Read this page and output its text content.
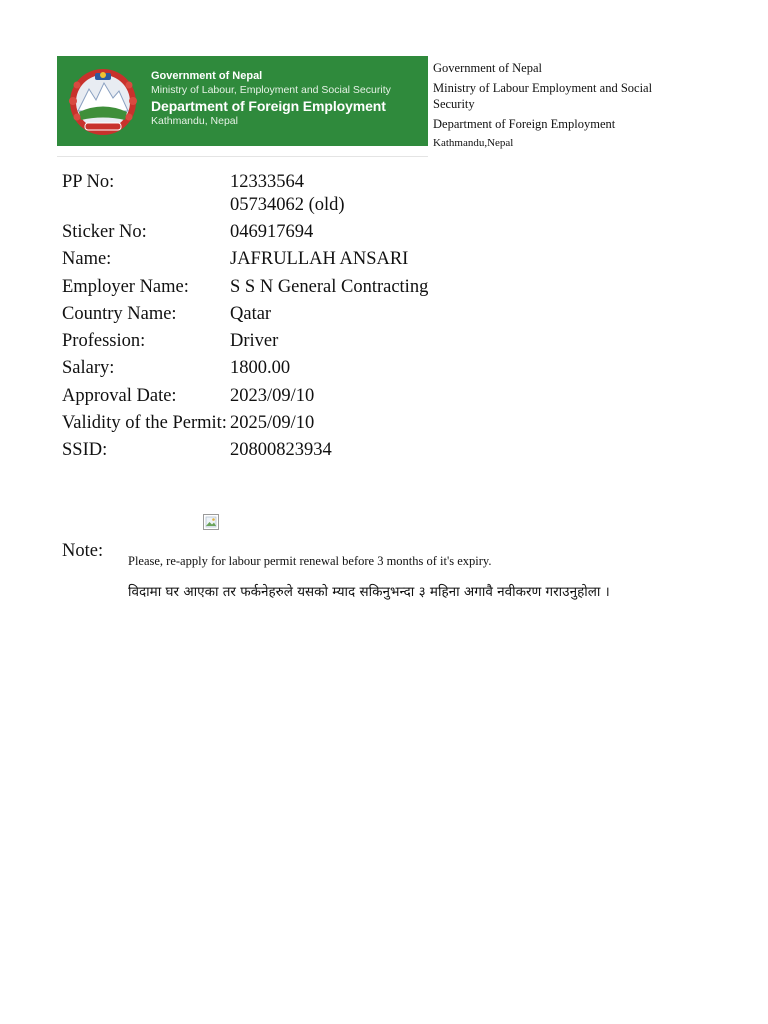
Government of Nepal
Ministry of Labour, Employment and Social Security
Department of Foreign Employment
Kathmandu, Nepal
Government of Nepal
Ministry of Labour Employment and Social Security
Department of Foreign Employment
Kathmandu,Nepal
PP No:	12333564
05734062 (old)
Sticker No:	046917694
Name:	JAFRULLAH ANSARI
Employer Name:	S S N General Contracting
Country Name:	Qatar
Profession:	Driver
Salary:	1800.00
Approval Date:	2023/09/10
Validity of the Permit: 2025/09/10
SSID:	20800823934
Note: Please, re-apply for labour permit renewal before 3 months of it's expiry.
विदामा घर आएका तर फर्कनेहरुले यसको म्याद सकिनुभन्दा ३ महिना अगावै नवीकरण गराउनुहोला ।
